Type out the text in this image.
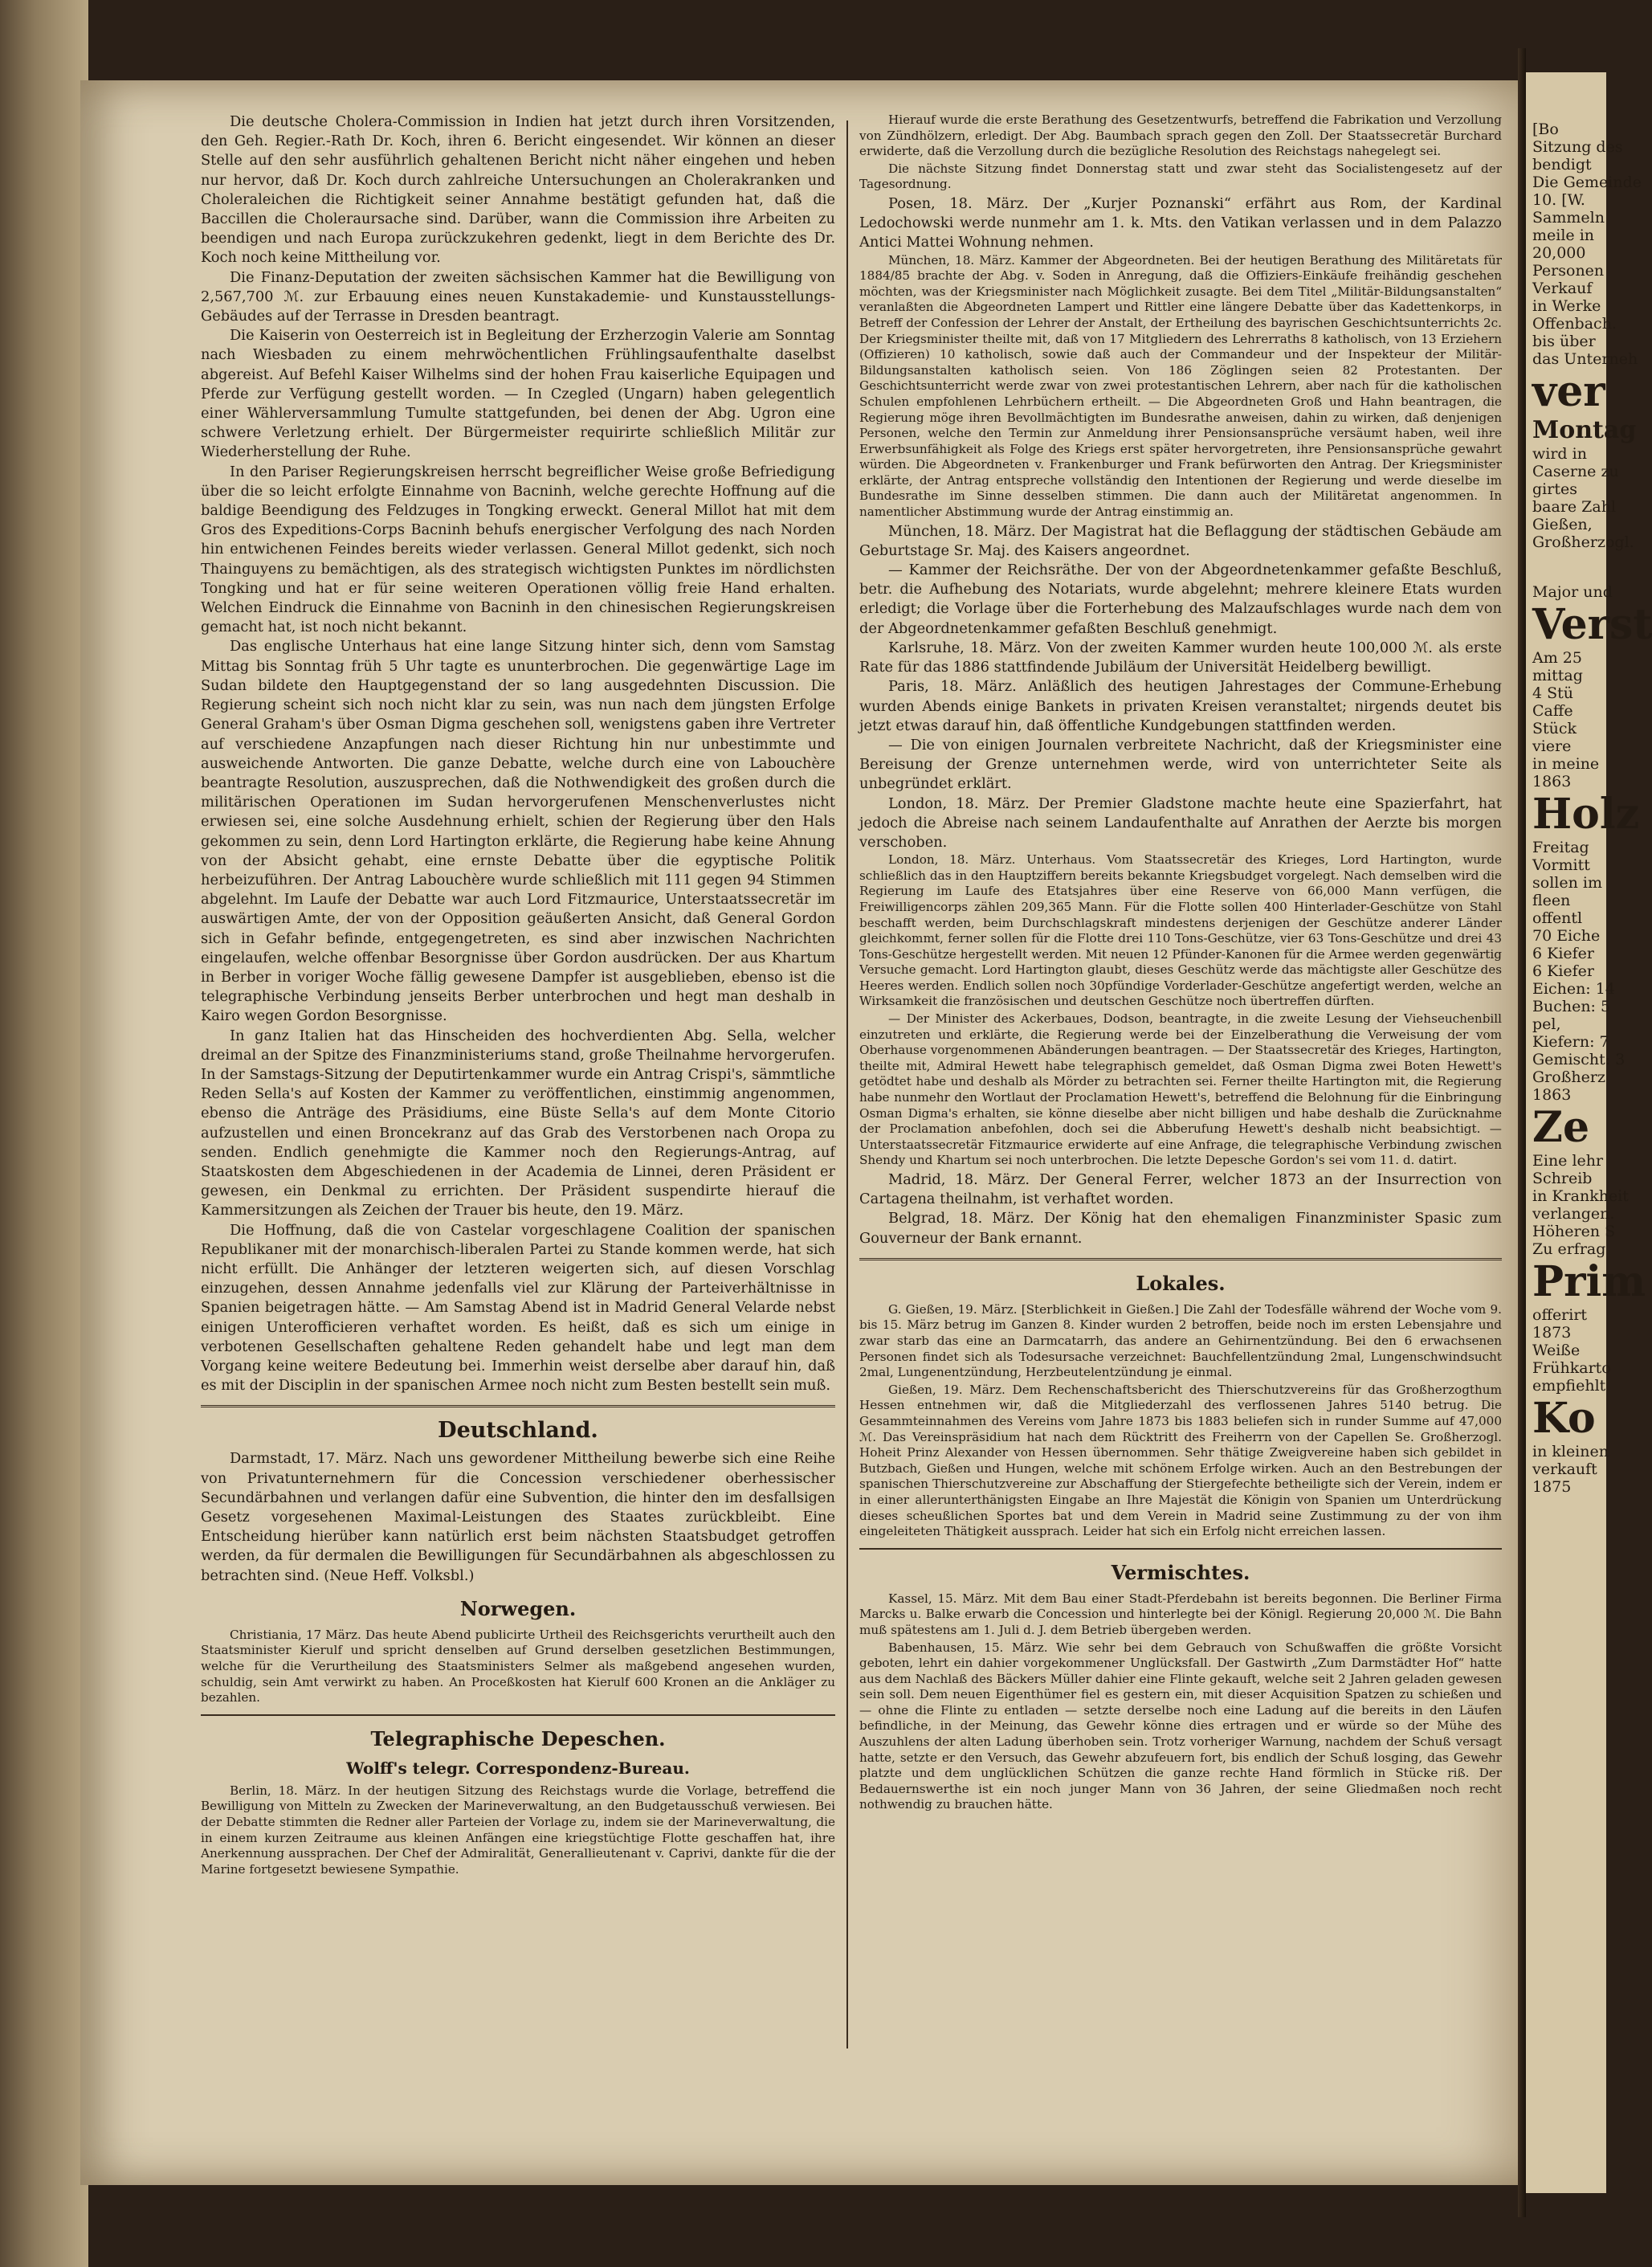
Die deutsche Cholera-Commission in Indien hat jetzt durch ihren Vorsitzenden, den Geh. Regier.-Rath Dr. Koch, ihren 6. Bericht eingesendet. Wir können an dieser Stelle auf den sehr ausführlich gehaltenen Bericht nicht näher eingehen und heben nur hervor, daß Dr. Koch durch zahlreiche Untersuchungen an Cholerakranken und Choleraleichen die Richtigkeit seiner Annahme bestätigt gefunden hat, daß die Baccillen die Choleraursache sind. Darüber, wann die Commission ihre Arbeiten zu beendigen und nach Europa zurückzukehren gedenkt, liegt in dem Berichte des Dr. Koch noch keine Mittheilung vor.

Die Finanz-Deputation der zweiten sächsischen Kammer hat die Bewilligung von 2,567,700 ℳ. zur Erbauung eines neuen Kunstakademie- und Kunstausstellungs-Gebäudes auf der Terrasse in Dresden beantragt.

Die Kaiserin von Oesterreich ist in Begleitung der Erzherzogin Valerie am Sonntag nach Wiesbaden zu einem mehrwöchentlichen Frühlingsaufenthalte daselbst abgereist. Auf Befehl Kaiser Wilhelms sind der hohen Frau kaiserliche Equipagen und Pferde zur Verfügung gestellt worden. — In Czegled (Ungarn) haben gelegentlich einer Wählerversammlung Tumulte stattgefunden, bei denen der Abg. Ugron eine schwere Verletzung erhielt. Der Bürgermeister requirirte schließlich Militär zur Wiederherstellung der Ruhe.

In den Pariser Regierungskreisen herrscht begreiflicher Weise große Befriedigung über die so leicht erfolgte Einnahme von Bacninh, welche gerechte Hoffnung auf die baldige Beendigung des Feldzuges in Tongking erweckt. General Millot hat mit dem Gros des Expeditions-Corps Bacninh behufs energischer Verfolgung des nach Norden hin entwichenen Feindes bereits wieder verlassen. General Millot gedenkt, sich noch Thainguyens zu bemächtigen, als des strategisch wichtigsten Punktes im nördlichsten Tongking und hat er für seine weiteren Operationen völlig freie Hand erhalten. Welchen Eindruck die Einnahme von Bacninh in den chinesischen Regierungskreisen gemacht hat, ist noch nicht bekannt.

Das englische Unterhaus hat eine lange Sitzung hinter sich, denn vom Samstag Mittag bis Sonntag früh 5 Uhr tagte es ununterbrochen. Die gegenwärtige Lage im Sudan bildete den Hauptgegenstand der so lang ausgedehnten Discussion. Die Regierung scheint sich noch nicht klar zu sein, was nun nach dem jüngsten Erfolge General Graham's über Osman Digma geschehen soll, wenigstens gaben ihre Vertreter auf verschiedene Anzapfungen nach dieser Richtung hin nur unbestimmte und ausweichende Antworten. Die ganze Debatte, welche durch eine von Labouchère beantragte Resolution, auszusprechen, daß die Nothwendigkeit des großen durch die militärischen Operationen im Sudan hervorgerufenen Menschenverlustes nicht erwiesen sei, eine solche Ausdehnung erhielt, schien der Regierung über den Hals gekommen zu sein, denn Lord Hartington erklärte, die Regierung habe keine Ahnung von der Absicht gehabt, eine ernste Debatte über die egyptische Politik herbeizuführen. Der Antrag Labouchère wurde schließlich mit 111 gegen 94 Stimmen abgelehnt. Im Laufe der Debatte war auch Lord Fitzmaurice, Unterstaatssecretär im auswärtigen Amte, der von der Opposition geäußerten Ansicht, daß General Gordon sich in Gefahr befinde, entgegengetreten, es sind aber inzwischen Nachrichten eingelaufen, welche offenbar Besorgnisse über Gordon ausdrücken. Der aus Khartum in Berber in voriger Woche fällig gewesene Dampfer ist ausgeblieben, ebenso ist die telegraphische Verbindung jenseits Berber unterbrochen und hegt man deshalb in Kairo wegen Gordon Besorgnisse.

In ganz Italien hat das Hinscheiden des hochverdienten Abg. Sella, welcher dreimal an der Spitze des Finanzministeriums stand, große Theilnahme hervorgerufen. In der Samstags-Sitzung der Deputirtenkammer wurde ein Antrag Crispi's, sämmtliche Reden Sella's auf Kosten der Kammer zu veröffentlichen, einstimmig angenommen, ebenso die Anträge des Präsidiums, eine Büste Sella's auf dem Monte Citorio aufzustellen und einen Broncekranz auf das Grab des Verstorbenen nach Oropa zu senden. Endlich genehmigte die Kammer noch den Regierungs-Antrag, auf Staatskosten dem Abgeschiedenen in der Academia de Linnei, deren Präsident er gewesen, ein Denkmal zu errichten. Der Präsident suspendirte hierauf die Kammersitzungen als Zeichen der Trauer bis heute, den 19. März.

Die Hoffnung, daß die von Castelar vorgeschlagene Coalition der spanischen Republikaner mit der monarchisch-liberalen Partei zu Stande kommen werde, hat sich nicht erfüllt. Die Anhänger der letzteren weigerten sich, auf diesen Vorschlag einzugehen, dessen Annahme jedenfalls viel zur Klärung der Parteiverhältnisse in Spanien beigetragen hätte. — Am Samstag Abend ist in Madrid General Velarde nebst einigen Unterofficieren verhaftet worden. Es heißt, daß es sich um einige in verbotenen Gesellschaften gehaltene Reden gehandelt habe und legt man dem Vorgang keine weitere Bedeutung bei. Immerhin weist derselbe aber darauf hin, daß es mit der Disciplin in der spanischen Armee noch nicht zum Besten bestellt sein muß.

Deutschland.

Darmstadt, 17. März. Nach uns gewordener Mittheilung bewerbe sich eine Reihe von Privatunternehmern für die Concession verschiedener oberhessischer Secundärbahnen und verlangen dafür eine Subvention, die hinter den im desfallsigen Gesetz vorgesehenen Maximal-Leistungen des Staates zurückbleibt. Eine Entscheidung hierüber kann natürlich erst beim nächsten Staatsbudget getroffen werden, da für dermalen die Bewilligungen für Secundärbahnen als abgeschlossen zu betrachten sind. (Neue Heff. Volksbl.)

Norwegen.

Christiania, 17 März. Das heute Abend publicirte Urtheil des Reichsgerichts verurtheilt auch den Staatsminister Kierulf und spricht denselben auf Grund derselben gesetzlichen Bestimmungen, welche für die Verurtheilung des Staatsministers Selmer als maßgebend angesehen wurden, schuldig, sein Amt verwirkt zu haben. An Proceßkosten hat Kierulf 600 Kronen an die Ankläger zu bezahlen.

Telegraphische Depeschen.
Wolff's telegr. Correspondenz-Bureau.

Berlin, 18. März. In der heutigen Sitzung des Reichstags wurde die Vorlage, betreffend die Bewilligung von Mitteln zu Zwecken der Marineverwaltung, an den Budgetausschuß verwiesen. Bei der Debatte stimmten die Redner aller Parteien der Vorlage zu, indem sie der Marineverwaltung, die in einem kurzen Zeitraume aus kleinen Anfängen eine kriegstüchtige Flotte geschaffen hat, ihre Anerkennung aussprachen. Der Chef der Admiralität, Generallieutenant v. Caprivi, dankte für die der Marine fortgesetzt bewiesene Sympathie.

Hierauf wurde die erste Berathung des Gesetzentwurfs, betreffend die Fabrikation und Verzollung von Zündhölzern, erledigt. Der Abg. Baumbach sprach gegen den Zoll. Der Staatssecretär Burchard erwiderte, daß die Verzollung durch die bezügliche Resolution des Reichstags nahegelegt sei.

Die nächste Sitzung findet Donnerstag statt und zwar steht das Socialistengesetz auf der Tagesordnung.

Posen, 18. März. Der „Kurjer Poznanski“ erfährt aus Rom, der Kardinal Ledochowski werde nunmehr am 1. k. Mts. den Vatikan verlassen und in dem Palazzo Antici Mattei Wohnung nehmen.

München, 18. März. Kammer der Abgeordneten. Bei der heutigen Berathung des Militäretats für 1884/85 brachte der Abg. v. Soden in Anregung, daß die Offiziers-Einkäufe freihändig geschehen möchten, was der Kriegsminister nach Möglichkeit zusagte. Bei dem Titel „Militär-Bildungsanstalten“ veranlaßten die Abgeordneten Lampert und Rittler eine längere Debatte über das Kadettenkorps, in Betreff der Confession der Lehrer der Anstalt, der Ertheilung des bayrischen Geschichtsunterrichts 2c. Der Kriegsminister theilte mit, daß von 17 Mitgliedern des Lehrerraths 8 katholisch, von 13 Erziehern (Offizieren) 10 katholisch, sowie daß auch der Commandeur und der Inspekteur der Militär-Bildungsanstalten katholisch seien. Von 186 Zöglingen seien 82 Protestanten. Der Geschichtsunterricht werde zwar von zwei protestantischen Lehrern, aber nach für die katholischen Schulen empfohlenen Lehrbüchern ertheilt. — Die Abgeordneten Groß und Hahn beantragen, die Regierung möge ihren Bevollmächtigten im Bundesrathe anweisen, dahin zu wirken, daß denjenigen Personen, welche den Termin zur Anmeldung ihrer Pensionsansprüche versäumt haben, weil ihre Erwerbsunfähigkeit als Folge des Kriegs erst später hervorgetreten, ihre Pensionsansprüche gewahrt würden. Die Abgeordneten v. Frankenburger und Frank befürworten den Antrag. Der Kriegsminister erklärte, der Antrag entspreche vollständig den Intentionen der Regierung und werde dieselbe im Bundesrathe im Sinne desselben stimmen. Die dann auch der Militäretat angenommen. In namentlicher Abstimmung wurde der Antrag einstimmig an.

München, 18. März. Der Magistrat hat die Beflaggung der städtischen Gebäude am Geburtstage Sr. Maj. des Kaisers angeordnet.

— Kammer der Reichsräthe. Der von der Abgeordnetenkammer gefaßte Beschluß, betr. die Aufhebung des Notariats, wurde abgelehnt; mehrere kleinere Etats wurden erledigt; die Vorlage über die Forterhebung des Malzaufschlages wurde nach dem von der Abgeordnetenkammer gefaßten Beschluß genehmigt.

Karlsruhe, 18. März. Von der zweiten Kammer wurden heute 100,000 ℳ. als erste Rate für das 1886 stattfindende Jubiläum der Universität Heidelberg bewilligt.

Paris, 18. März. Anläßlich des heutigen Jahrestages der Commune-Erhebung wurden Abends einige Bankets in privaten Kreisen veranstaltet; nirgends deutet bis jetzt etwas darauf hin, daß öffentliche Kundgebungen stattfinden werden.

— Die von einigen Journalen verbreitete Nachricht, daß der Kriegsminister eine Bereisung der Grenze unternehmen werde, wird von unterrichteter Seite als unbegründet erklärt.

London, 18. März. Der Premier Gladstone machte heute eine Spazierfahrt, hat jedoch die Abreise nach seinem Landaufenthalte auf Anrathen der Aerzte bis morgen verschoben.

London, 18. März. Unterhaus. Vom Staatssecretär des Krieges, Lord Hartington, wurde schließlich das in den Hauptziffern bereits bekannte Kriegsbudget vorgelegt. Nach demselben wird die Regierung im Laufe des Etatsjahres über eine Reserve von 66,000 Mann verfügen, die Freiwilligencorps zählen 209,365 Mann. Für die Flotte sollen 400 Hinterlader-Geschütze von Stahl beschafft werden, beim Durchschlagskraft mindestens derjenigen der Geschütze anderer Länder gleichkommt, ferner sollen für die Flotte drei 110 Tons-Geschütze, vier 63 Tons-Geschütze und drei 43 Tons-Geschütze hergestellt werden. Mit neuen 12 Pfünder-Kanonen für die Armee werden gegenwärtig Versuche gemacht. Lord Hartington glaubt, dieses Geschütz werde das mächtigste aller Geschütze des Heeres werden. Endlich sollen noch 30pfündige Vorderlader-Geschütze angefertigt werden, welche an Wirksamkeit die französischen und deutschen Geschütze noch übertreffen dürften.

— Der Minister des Ackerbaues, Dodson, beantragte, in die zweite Lesung der Viehseuchenbill einzutreten und erklärte, die Regierung werde bei der Einzelberathung die Verweisung der vom Oberhause vorgenommenen Abänderungen beantragen. — Der Staatssecretär des Krieges, Hartington, theilte mit, Admiral Hewett habe telegraphisch gemeldet, daß Osman Digma zwei Boten Hewett's getödtet habe und deshalb als Mörder zu betrachten sei. Ferner theilte Hartington mit, die Regierung habe nunmehr den Wortlaut der Proclamation Hewett's, betreffend die Belohnung für die Einbringung Osman Digma's erhalten, sie könne dieselbe aber nicht billigen und habe deshalb die Zurücknahme der Proclamation anbefohlen, doch sei die Abberufung Hewett's deshalb nicht beabsichtigt. — Unterstaatssecretär Fitzmaurice erwiderte auf eine Anfrage, die telegraphische Verbindung zwischen Shendy und Khartum sei noch unterbrochen. Die letzte Depesche Gordon's sei vom 11. d. datirt.

Madrid, 18. März. Der General Ferrer, welcher 1873 an der Insurrection von Cartagena theilnahm, ist verhaftet worden.

Belgrad, 18. März. Der König hat den ehemaligen Finanzminister Spasic zum Gouverneur der Bank ernannt.

Lokales.

G. Gießen, 19. März. [Sterblichkeit in Gießen.] Die Zahl der Todesfälle während der Woche vom 9. bis 15. März betrug im Ganzen 8. Kinder wurden 2 betroffen, beide noch im ersten Lebensjahre und zwar starb das eine an Darmcatarrh, das andere an Gehirnentzündung. Bei den 6 erwachsenen Personen findet sich als Todesursache verzeichnet: Bauchfellentzündung 2mal, Lungenschwindsucht 2mal, Lungenentzündung, Herzbeutelentzündung je einmal.

Gießen, 19. März. Dem Rechenschaftsbericht des Thierschutzvereins für das Großherzogthum Hessen entnehmen wir, daß die Mitgliederzahl des verflossenen Jahres 5140 betrug. Die Gesammteinnahmen des Vereins vom Jahre 1873 bis 1883 beliefen sich in runder Summe auf 47,000 ℳ. Das Vereinspräsidium hat nach dem Rücktritt des Freiherrn von der Capellen Se. Großherzogl. Hoheit Prinz Alexander von Hessen übernommen. Sehr thätige Zweigvereine haben sich gebildet in Butzbach, Gießen und Hungen, welche mit schönem Erfolge wirken. Auch an den Bestrebungen der spanischen Thierschutzvereine zur Abschaffung der Stiergefechte betheiligte sich der Verein, indem er in einer allerunterthänigsten Eingabe an Ihre Majestät die Königin von Spanien um Unterdrückung dieses scheußlichen Sportes bat und dem Verein in Madrid seine Zustimmung zu der von ihm eingeleiteten Thätigkeit aussprach. Leider hat sich ein Erfolg nicht erreichen lassen.

Vermischtes.

Kassel, 15. März. Mit dem Bau einer Stadt-Pferdebahn ist bereits begonnen. Die Berliner Firma Marcks u. Balke erwarb die Concession und hinterlegte bei der Königl. Regierung 20,000 ℳ. Die Bahn muß spätestens am 1. Juli d. J. dem Betrieb übergeben werden.

Babenhausen, 15. März. Wie sehr bei dem Gebrauch von Schußwaffen die größte Vorsicht geboten, lehrt ein dahier vorgekommener Unglücksfall. Der Gastwirth „Zum Darmstädter Hof“ hatte aus dem Nachlaß des Bäckers Müller dahier eine Flinte gekauft, welche seit 2 Jahren geladen gewesen sein soll. Dem neuen Eigenthümer fiel es gestern ein, mit dieser Acquisition Spatzen zu schießen und — ohne die Flinte zu entladen — setzte derselbe noch eine Ladung auf die bereits in den Läufen befindliche, in der Meinung, das Gewehr könne dies ertragen und er würde so der Mühe des Auszuhlens der alten Ladung überhoben sein. Trotz vorheriger Warnung, nachdem der Schuß versagt hatte, setzte er den Versuch, das Gewehr abzufeuern fort, bis endlich der Schuß losging, das Gewehr platzte und dem unglücklichen Schützen die ganze rechte Hand förmlich in Stücke riß. Der Bedauernswerthe ist ein noch junger Mann von 36 Jahren, der seine Gliedmaßen noch recht nothwendig zu brauchen hätte.

[Bo
Sitzung des
bendigt
Die Gemeinde
10. [W.
Sammeln
meile in
20,000
Personen
Verkauf
in Werke
Offenbach.
bis über
das Unterneh
ver
Montag
wird in
Caserne zu
girtes
baare Zahl
Gießen,
Großherzogl.
Major und
Verst
Am 25
mittag
4 Stü
Caffe
Stück
viere
in meine
1863
Holz
Freitag
Vormitt
sollen im
fleen
offentl
70 Eiche
6 Kiefer
6 Kiefer
Eichen: 14
Buchen: 5
pel,
Kiefern: 7
Gemischt: 3
Großherz
1863
Ze
Eine lehr
Schreib
in Krankheit
verlangen.
Höheren S
Zu erfrag
Prim
offerirt
1873
Weiße
Frühkarto
empfiehlt
Ko
in kleinen
verkauft
1875
